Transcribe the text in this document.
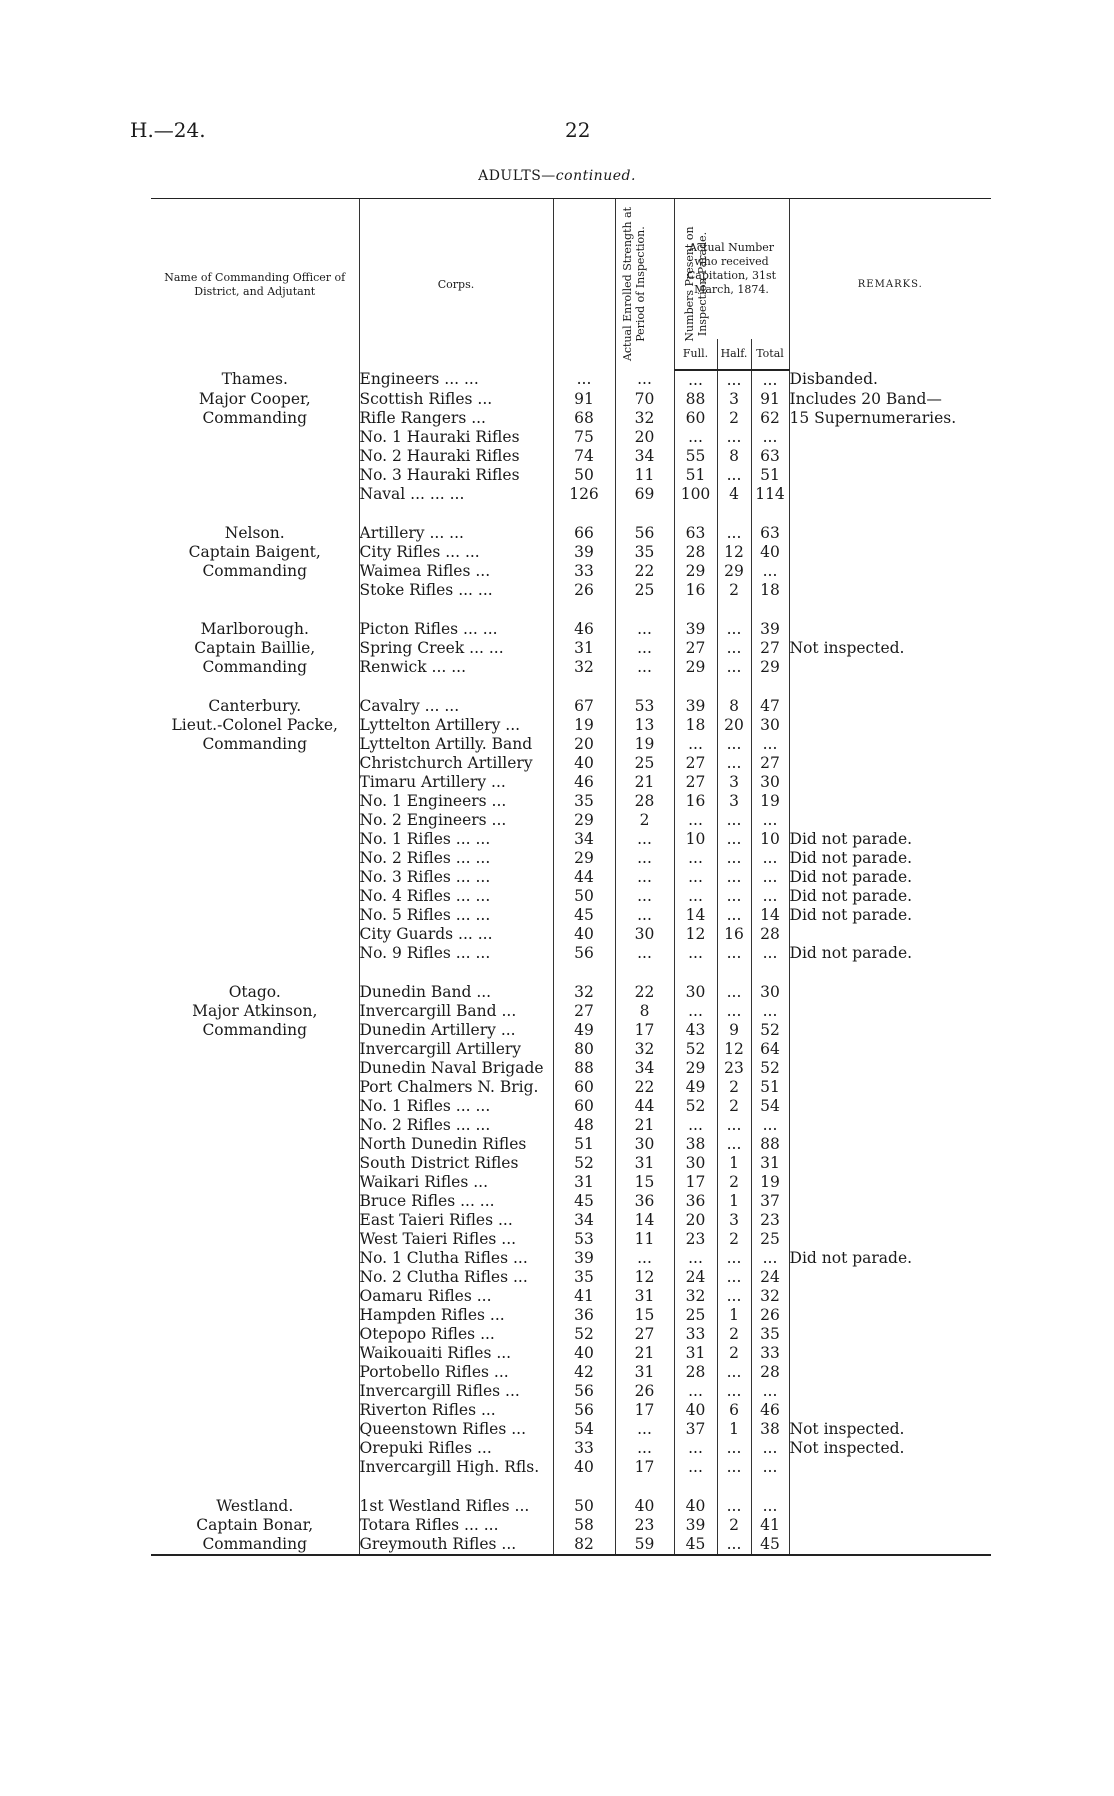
H.—24.	22
ADULTS—continued.
Name of Commanding Officer of District, and Adjutant	Corps.	Actual Enrolled Strength at Period of Inspection.	Numbers Present on Inspection Parade.	Actual Number who received Capitation, 31st March, 1874.			REMARKS.
				Full.	Half.	Total	
Thames.	Engineers ... ...	...	...	...	...	...	Disbanded.
Major Cooper,	Scottish Rifles ...	91	70	88	3	91	Includes 20 Band—
Commanding	Rifle Rangers ...	68	32	60	2	62	15 Supernumeraries.
	No. 1 Hauraki Rifles	75	20	...	...	...	
	No. 2 Hauraki Rifles	74	34	55	8	63	
	No. 3 Hauraki Rifles	50	11	51	...	51	
	Naval ... ... ...	126	69	100	4	114	

Nelson.	Artillery ... ...	66	56	63	...	63	
Captain Baigent,	City Rifles ... ...	39	35	28	12	40	
Commanding	Waimea Rifles ...	33	22	29	29	...	
	Stoke Rifles ... ...	26	25	16	2	18	

Marlborough.	Picton Rifles ... ...	46	...	39	...	39	
Captain Baillie,	Spring Creek ... ...	31	...	27	...	27	Not inspected.
Commanding	Renwick ... ...	32	...	29	...	29	

Canterbury.	Cavalry ... ...	67	53	39	8	47	
Lieut.-Colonel Packe,	Lyttelton Artillery ...	19	13	18	20	30	
Commanding	Lyttelton Artilly. Band	20	19	...	...	...	
	Christchurch Artillery	40	25	27	...	27	
	Timaru Artillery ...	46	21	27	3	30	
	No. 1 Engineers ...	35	28	16	3	19	
	No. 2 Engineers ...	29	2	...	...	...	
	No. 1 Rifles ... ...	34	...	10	...	10	Did not parade.
	No. 2 Rifles ... ...	29	...	...	...	...	Did not parade.
	No. 3 Rifles ... ...	44	...	...	...	...	Did not parade.
	No. 4 Rifles ... ...	50	...	...	...	...	Did not parade.
	No. 5 Rifles ... ...	45	...	14	...	14	Did not parade.
	City Guards ... ...	40	30	12	16	28	
	No. 9 Rifles ... ...	56	...	...	...	...	Did not parade.

Otago.	Dunedin Band ...	32	22	30	...	30	
Major Atkinson,	Invercargill Band ...	27	8	...	...	...	
Commanding	Dunedin Artillery ...	49	17	43	9	52	
	Invercargill Artillery	80	32	52	12	64	
	Dunedin Naval Brigade	88	34	29	23	52	
	Port Chalmers N. Brig.	60	22	49	2	51	
	No. 1 Rifles ... ...	60	44	52	2	54	
	No. 2 Rifles ... ...	48	21	...	...	...	
	North Dunedin Rifles	51	30	38	...	88	
	South District Rifles	52	31	30	1	31	
	Waikari Rifles ...	31	15	17	2	19	
	Bruce Rifles ... ...	45	36	36	1	37	
	East Taieri Rifles ...	34	14	20	3	23	
	West Taieri Rifles ...	53	11	23	2	25	
	No. 1 Clutha Rifles ...	39	...	...	...	...	Did not parade.
	No. 2 Clutha Rifles ...	35	12	24	...	24	
	Oamaru Rifles ...	41	31	32	...	32	
	Hampden Rifles ...	36	15	25	1	26	
	Otepopo Rifles ...	52	27	33	2	35	
	Waikouaiti Rifles ...	40	21	31	2	33	
	Portobello Rifles ...	42	31	28	...	28	
	Invercargill Rifles ...	56	26	...	...	...	
	Riverton Rifles ...	56	17	40	6	46	
	Queenstown Rifles ...	54	...	37	1	38	Not inspected.
	Orepuki Rifles ...	33	...	...	...	...	Not inspected.
	Invercargill High. Rfls.	40	17	...	...	...	

Westland.	1st Westland Rifles ...	50	40	40	...	...	
Captain Bonar,	Totara Rifles ... ...	58	23	39	2	41	
Commanding	Greymouth Rifles ...	82	59	45	...	45	
